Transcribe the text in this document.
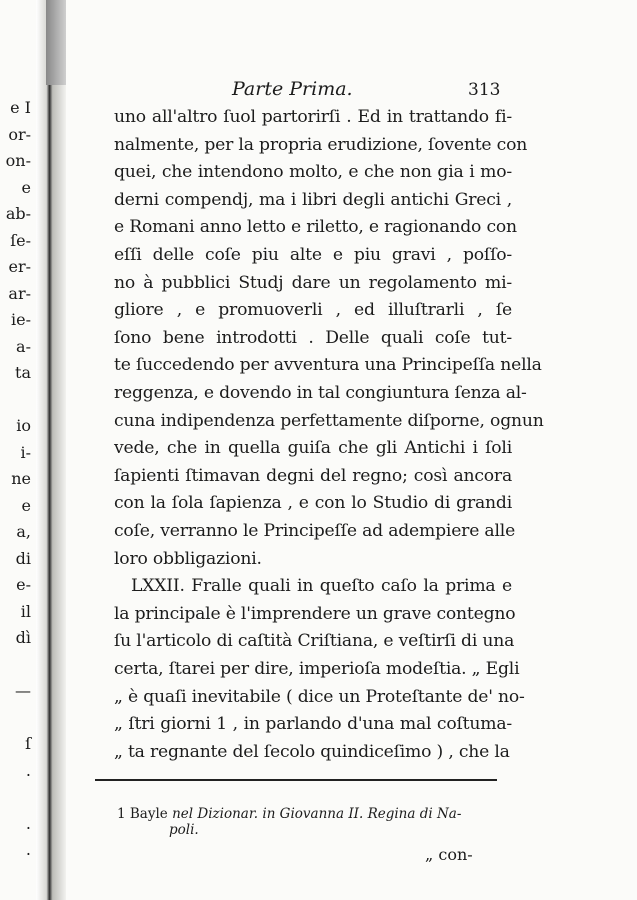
e I
or-
on-
e
ab-
ſe-
er-
ar-
ie-
a-
ta
io
i-
ne
e
a,
di
e-
il
dì
—
ſ
.
.
.
Parte Prima.	313
uno all'altro ſuol partorirſi . Ed in trattando fi-
nalmente, per la propria erudizione, ſovente con
quei, che intendono molto, e che non gia i mo-
derni compendj, ma i libri degli antichi Greci ,
e Romani anno letto e riletto, e ragionando con
eſſi delle coſe piu alte e piu gravi , poſſo-
no à pubblici Studj dare un regolamento mi-
gliore , e promuoverli , ed illuſtrarli , ſe
ſono bene introdotti . Delle quali coſe tut-
te ſuccedendo per avventura una Principeſſa nella
reggenza, e dovendo in tal congiuntura ſenza al-
cuna indipendenza perfettamente diſporne, ognun
vede, che in quella guiſa che gli Antichi i ſoli
ſapienti ſtimavan degni del regno; così ancora
con la ſola ſapienza , e con lo Studio di grandi
coſe, verranno le Principeſſe ad adempiere alle
loro obbligazioni.
LXXII. Fralle quali in queſto caſo la prima e
la principale è l'imprendere un grave contegno
ſu l'articolo di caſtità Criſtiana, e veſtirſi di una
certa, ſtarei per dire, imperioſa modeſtia. „ Egli
„ è quaſi inevitabile ( dice un Proteſtante de' no-
„ ſtri giorni 1 , in parlando d'una mal coſtuma-
„ ta regnante del ſecolo quindiceſimo ) , che la
1 Bayle nel Dizionar. in Giovanna II. Regina di Na-
poli.
„ con-
